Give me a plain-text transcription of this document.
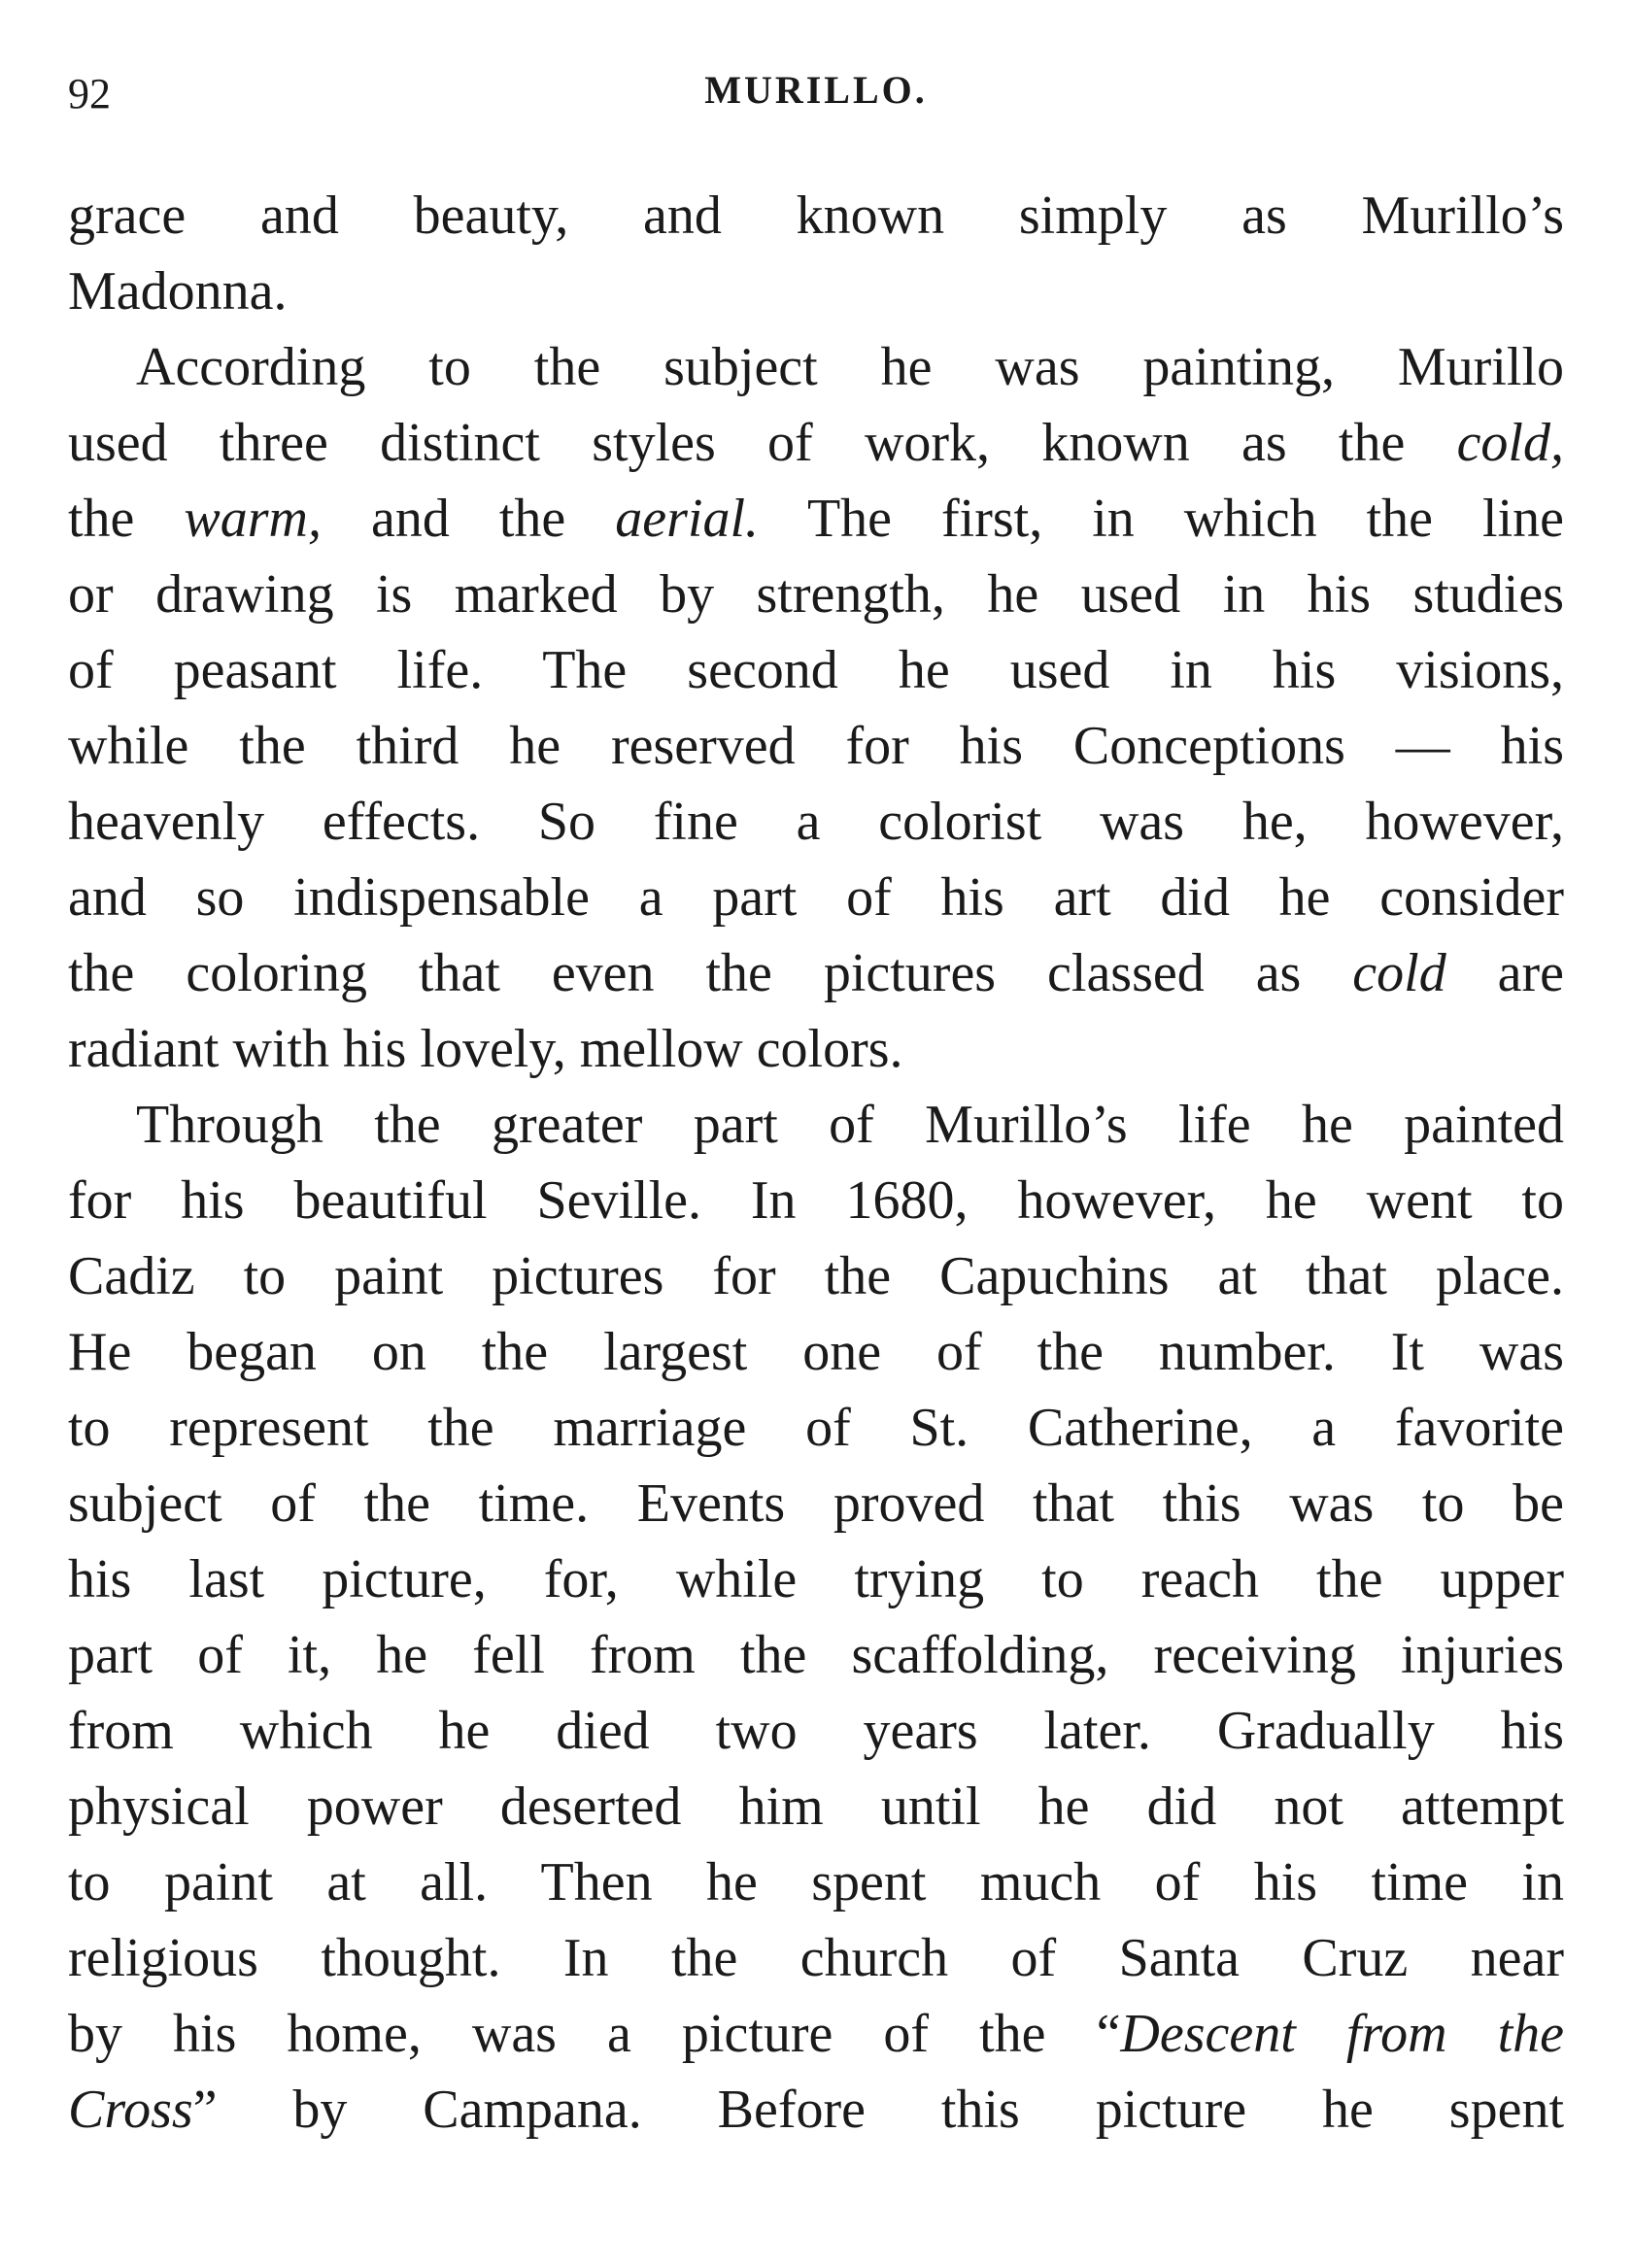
92	MURILLO.
grace and beauty, and known simply as Murillo’s
Madonna.
According to the subject he was painting, Murillo
used three distinct styles of work, known as the cold,
the warm, and the aerial. The first, in which the line
or drawing is marked by strength, he used in his studies
of peasant life. The second he used in his visions,
while the third he reserved for his Conceptions — his
heavenly effects. So fine a colorist was he, however,
and so indispensable a part of his art did he consider
the coloring that even the pictures classed as cold are
radiant with his lovely, mellow colors.
Through the greater part of Murillo’s life he painted
for his beautiful Seville. In 1680, however, he went to
Cadiz to paint pictures for the Capuchins at that place.
He began on the largest one of the number. It was
to represent the marriage of St. Catherine, a favorite
subject of the time. Events proved that this was to be
his last picture, for, while trying to reach the upper
part of it, he fell from the scaffolding, receiving injuries
from which he died two years later. Gradually his
physical power deserted him until he did not attempt
to paint at all. Then he spent much of his time in
religious thought. In the church of Santa Cruz near
by his home, was a picture of the “Descent from the
Cross” by Campana. Before this picture he spent
